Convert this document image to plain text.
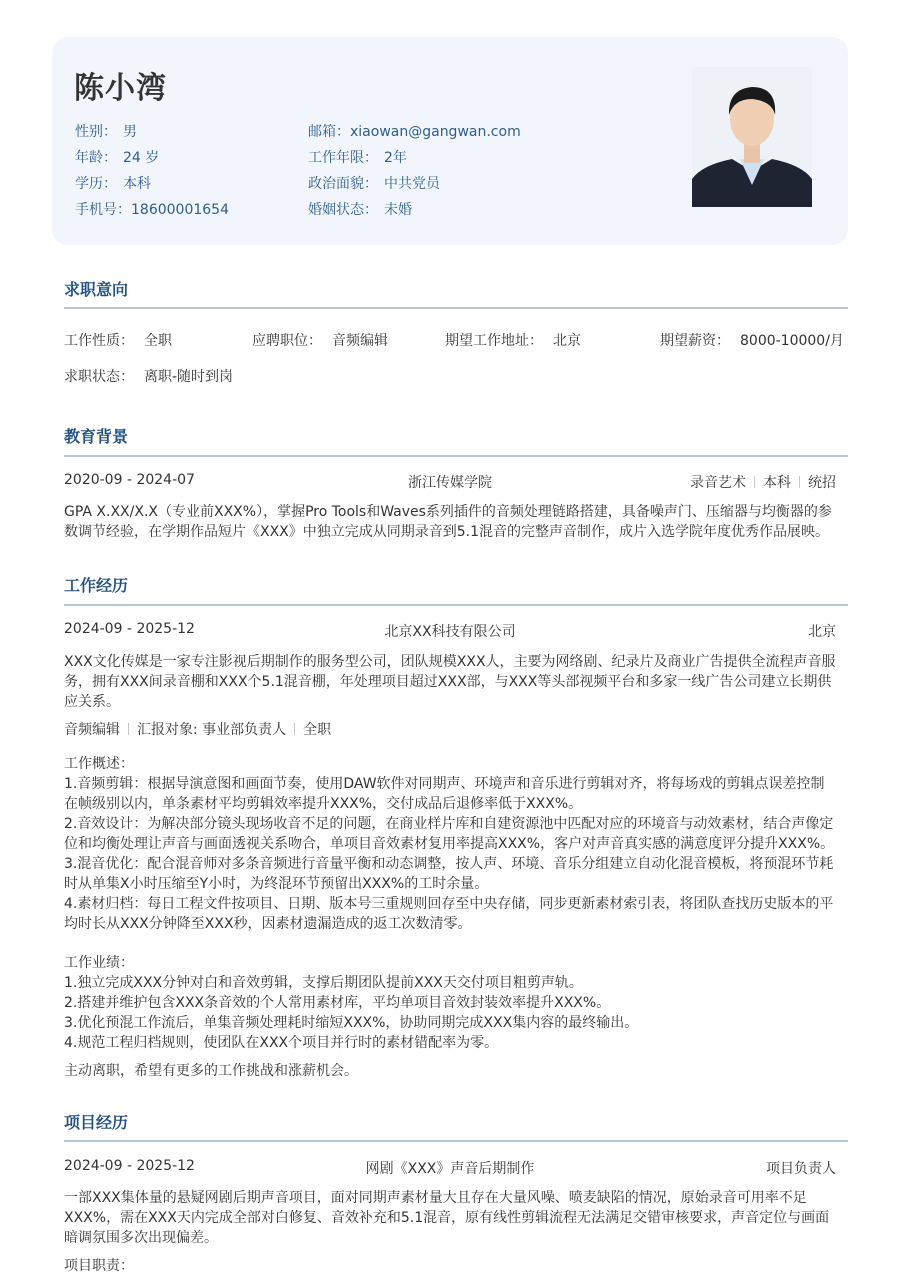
陈小湾
性别： 男	邮箱：xiaowan@gangwan.com
年龄： 24 岁	工作年限： 2年
学历： 本科	政治面貌： 中共党员
手机号：18600001654	婚姻状态： 未婚
求职意向
工作性质： 全职	应聘职位： 音频编辑	期望工作地址： 北京	期望薪资： 8000-10000/月
求职状态： 离职-随时到岗
教育背景
2020-09 - 2024-07	浙江传媒学院	录音艺术 本科 统招
GPA X.XX/X.X（专业前XXX%），掌握Pro Tools和Waves系列插件的音频处理链路搭建，具备噪声门、压缩器与均衡器的参
数调节经验，在学期作品短片《XXX》中独立完成从同期录音到5.1混音的完整声音制作，成片入选学院年度优秀作品展映。
工作经历
2024-09 - 2025-12	北京XX科技有限公司	北京
XXX文化传媒是一家专注影视后期制作的服务型公司，团队规模XXX人，主要为网络剧、纪录片及商业广告提供全流程声音服
务，拥有XXX间录音棚和XXX个5.1混音棚，年处理项目超过XXX部，与XXX等头部视频平台和多家一线广告公司建立长期供
应关系。
音频编辑 汇报对象: 事业部负责人 全职
工作概述：
1.音频剪辑：根据导演意图和画面节奏，使用DAW软件对同期声、环境声和音乐进行剪辑对齐，将每场戏的剪辑点误差控制
在帧级别以内，单条素材平均剪辑效率提升XXX%，交付成品后退修率低于XXX%。
2.音效设计：为解决部分镜头现场收音不足的问题，在商业样片库和自建资源池中匹配对应的环境音与动效素材，结合声像定
位和均衡处理让声音与画面透视关系吻合，单项目音效素材复用率提高XXX%，客户对声音真实感的满意度评分提升XXX%。
3.混音优化：配合混音师对多条音频进行音量平衡和动态调整，按人声、环境、音乐分组建立自动化混音模板，将预混环节耗
时从单集X小时压缩至Y小时，为终混环节预留出XXX%的工时余量。
4.素材归档：每日工程文件按项目、日期、版本号三重规则回存至中央存储，同步更新素材索引表，将团队查找历史版本的平
均时长从XXX分钟降至XXX秒，因素材遗漏造成的返工次数清零。
工作业绩：
1.独立完成XXX分钟对白和音效剪辑，支撑后期团队提前XXX天交付项目粗剪声轨。
2.搭建并维护包含XXX条音效的个人常用素材库，平均单项目音效封装效率提升XXX%。
3.优化预混工作流后，单集音频处理耗时缩短XXX%，协助同期完成XXX集内容的最终输出。
4.规范工程归档规则，使团队在XXX个项目并行时的素材错配率为零。
主动离职，希望有更多的工作挑战和涨薪机会。
项目经历
2024-09 - 2025-12	网剧《XXX》声音后期制作	项目负责人
一部XXX集体量的悬疑网剧后期声音项目，面对同期声素材量大且存在大量风噪、喷麦缺陷的情况，原始录音可用率不足
XXX%，需在XXX天内完成全部对白修复、音效补充和5.1混音，原有线性剪辑流程无法满足交错审核要求，声音定位与画面
暗调氛围多次出现偏差。
项目职责：
